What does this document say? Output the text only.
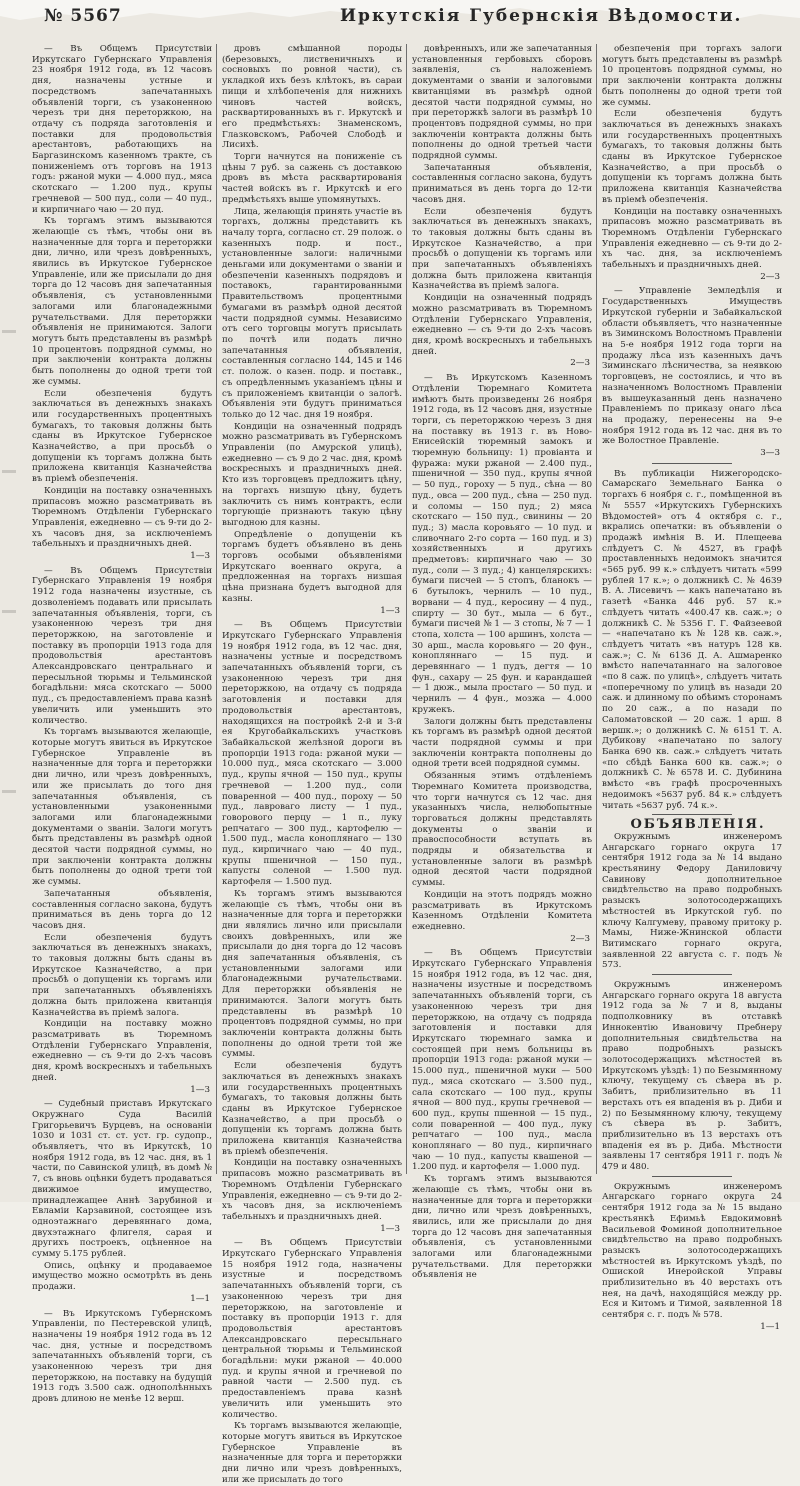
№ 5567	Иркутскія Губернскія Вѣдомости.

— Въ Общемъ Присутствіи Иркутскаго Губернскаго Управленія 23 ноября 1912 года, въ 12 часовъ дня, назначены устные и посредствомъ запечатанныхъ объявленій торги, съ узаконенною черезъ три дня переторжкою, на отдачу съ подряда заготовленія и поставки для продовольствія арестантовъ, работающихъ на Баргазинскомъ казенномъ тракте, съ пониженіемъ отъ торговъ на 1913 годъ: ржаной муки — 4.000 пуд., мяса скотскаго — 1.200 пуд., крупы гречневой — 500 пуд., соли — 40 пуд., и кирпичнаго чаю — 20 пуд.

Къ торгамъ этимъ вызываются желающіе съ тѣмъ, чтобы они въ назначенные для торга и переторжки дни, лично, или чрезъ довѣренныхъ, явились въ Иркутское Губернское Управленіе, или же присылали до дня торга до 12 часовъ дня запечатанныя объявленія, съ установленными залогами или благонадежными ручательствами. Для переторжки объявленія не принимаются. Залоги могутъ быть представлены въ размѣрѣ 10 процентовъ подрядной суммы, но при заключеніи контракта должны быть пополнены до одной трети той же суммы.

Если обезпеченія будутъ заключаться въ денежныхъ знакахъ или государственныхъ процентныхъ бумагахъ, то таковыя должны быть сданы въ Иркутское Губернское Казначейство, а при просьбѣ о допущеніи къ торгамъ должна быть приложена квитанція Казначейства въ пріемѣ обезпеченія.

Кондиціи на поставку означенныхъ припасовъ можно разсматривать въ Тюремномъ Отдѣленіи Губернскаго Управленія, ежедневно — съ 9-ти до 2-хъ часовъ дня, за исключеніемъ табельныхъ и праздничныхъ дней.

1—3

— Въ Общемъ Присутствіи Губернскаго Управленія 19 ноября 1912 года назначены изустные, съ дозволеніемъ подавать или присылать запечатанныя объявленія, торги, съ узаконенною черезъ три дня переторжкою, на заготовленіе и поставку въ пропорціи 1913 года для продовольствія арестантовъ Александровскаго центральнаго и пересыльной тюрьмы и Тельминской богадѣльни: мяса скотскаго — 5000 пуд., съ предоставленіемъ права казнѣ увеличить или уменьшить это количество.

Къ торгамъ вызываются желающіе, которые могутъ явиться въ Иркутское Губернское Управленіе въ назначенные для торга и переторжки дни лично, или чрезъ довѣренныхъ, или же присылать до того дня запечатанныя объявленія, съ установленными узаконенными залогами или благонадежными документами о званіи. Залоги могутъ быть представлены въ размѣрѣ одной десятой части подрядной суммы, но при заключеніи контракта должны быть пополнены до одной трети той же суммы.

Запечатанныя объявленія, составленныя согласно закона, будутъ приниматься въ день торга до 12 часовъ дня.

Если обезпеченія будутъ заключаться въ денежныхъ знакахъ, то таковыя должны быть сданы въ Иркутское Казначейство, а при просьбѣ о допущеніи къ торгамъ или при запечатанныхъ объявленіяхъ должна быть приложена квитанція Казначейства въ пріемѣ залога.

Кондиціи на поставку можно разсматривать въ Тюремномъ Отдѣленіи Губернскаго Управленія, ежедневно — съ 9-ти до 2-хъ часовъ дня, кромѣ воскресныхъ и табельныхъ дней.

1—3

— Судебный приставъ Иркутскаго Окружнаго Суда Василій Григорьевичъ Бурцевъ, на основаніи 1030 и 1031 ст. ст. уст. гр. судопр., объявляетъ, что въ Иркутскѣ, 10 ноября 1912 года, въ 12 час. дня, въ 1 части, по Савинской улицѣ, въ домѣ № 7, съ вновь оцѣнки будетъ продаваться движимое имущество, принадлежащее Аннѣ Зарубиной и Евламіи Карзавиной, состоящее изъ одноэтажнаго деревяннаго дома, двухэтажнаго флигеля, сарая и другихъ построекъ, оцѣненное на сумму 5.175 рублей.

Опись, оцѣнку и продаваемое имущество можно осмотрѣть въ день продажи.

1—1

— Въ Иркутскомъ Губернскомъ Управленіи, по Пестеревской улицѣ, назначены 19 ноября 1912 года въ 12 час. дня, устные и посредствомъ запечатанныхъ объявленій торги, съ узаконенною черезъ три дня переторжкою, на поставку на будущій 1913 годъ 3.500 саж. однополѣнныхъ дровъ длиною не менѣе 12 верш.

дровъ смѣшанной породы (березовыхъ, лиственичныхъ и сосновыхъ по ровной части), съ укладкой ихъ безъ клѣтокъ, въ сараи пищи и хлѣбопеченія для нижнихъ чиновъ частей войскъ, расквартированныхъ въ г. Иркутскѣ и его предмѣстьяхъ: Знаменскомъ, Глазковскомъ, Рабочей Слободѣ и Лисихѣ.

Торги начнутся на пониженіе съ цѣны 7 руб. за сажень съ доставкою дровъ въ мѣста расквартированія частей войскъ въ г. Иркутскѣ и его предмѣстьяхъ выше упомянутыхъ.

Лица, желающія принять участіе въ торгахъ, должны представить къ началу торга, согласно ст. 29 полож. о казенныхъ подр. и пост., установленные залоги: наличными деньгами или документами о званіи и обезпеченіи казенныхъ подрядовъ и поставокъ, гарантированными Правительствомъ процентными бумагами въ размѣрѣ одной десятой части подрядной суммы. Независимо отъ сего торговцы могутъ присылать по почтѣ или подать лично запечатанныя объявленія, составленныя согласно 144, 145 и 146 ст. полож. о казен. подр. и поставк., съ опредѣленнымъ указаніемъ цѣны и съ приложеніемъ квитанціи о залогѣ. Объявленія эти будутъ приниматься только до 12 час. дня 19 ноября.

Кондиціи на означенный подрядъ можно разсматривать въ Губернскомъ Управленіи (по Амурской улицѣ), ежедневно — съ 9 до 2 час. дня, кромѣ воскресныхъ и праздничныхъ дней. Кто изъ торговцевъ предложитъ цѣну, на торгахъ низшую цѣну, будетъ заключить съ нимъ контрактъ, если торгующіе признаютъ такую цѣну выгодною для казны.

Опредѣленіе о допущеніи къ торгамъ будетъ объявлено въ день торговъ особыми объявленіями Иркутскаго военнаго округа, а предложенная на торгахъ низшая цѣна признана будетъ выгодной для казны.

1—3

— Въ Общемъ Присутствіи Иркутскаго Губернскаго Управленія 19 ноября 1912 года, въ 12 час. дня, назначены устные и посредствомъ запечатанныхъ объявленій торги, съ узаконенною черезъ три дня переторжкою, на отдачу съ подряда заготовленія и поставки для продовольствія арестантовъ, находящихся на постройкѣ 2-й и 3-й ея Кругобайкальскихъ участковъ Забайкальской желѣзной дороги въ пропорціи 1913 года: ржаной муки — 10.000 пуд., мяса скотскаго — 3.000 пуд., крупы ячной — 150 пуд., крупы гречневой — 1.200 пуд., соли поваренной — 400 пуд., пороху — 50 пуд., лавроваго листу — 1 пуд., говорового перцу — 1 п., луку репчатаго — 300 пуд., картофелю — 1.500 пуд., масла коноплянаго — 130 пуд., кирпичнаго чаю — 40 пуд., крупы пшеничной — 150 пуд., капусты соленой — 1.500 пуд. картофеля — 1.500 пуд.

Къ торгамъ этимъ вызываются желающіе съ тѣмъ, чтобы они въ назначенные для торга и переторжки дни являлись лично или присылали своихъ довѣренныхъ, или же присылали до дня торга до 12 часовъ дня запечатанныя объявленія, съ установленными залогами или благонадежными ручательствами. Для переторжки объявленія не принимаются. Залоги могутъ быть представлены въ размѣрѣ 10 процентовъ подрядной суммы, но при заключеніи контракта должны быть пополнены до одной трети той же суммы.

Если обезпеченія будутъ заключаться въ денежныхъ знакахъ или государственныхъ процентныхъ бумагахъ, то таковыя должны быть сданы въ Иркутское Губернское Казначейство, а при просьбѣ о допущеніи къ торгамъ должна быть приложена квитанція Казначейства въ пріемѣ обезпеченія.

Кондиціи на поставку означенныхъ припасовъ можно разсматривать въ Тюремномъ Отдѣленіи Губернскаго Управленія, ежедневно — съ 9-ти до 2-хъ часовъ дня, за исключеніемъ табельныхъ и праздничныхъ дней.

1—3

— Въ Общемъ Присутствіи Иркутскаго Губернскаго Управленія 15 ноября 1912 года, назначены изустные и посредствомъ запечатанныхъ объявленій торги, съ узаконенною черезъ три дня переторжкою, на заготовленіе и поставку въ пропорціи 1913 г. для продовольствія арестантовъ Александровскаго пересыльнаго центральной тюрьмы и Тельминской богадѣльни: муки ржаной — 40.000 пуд. и крупы ячной и гречневой по равной части — 2.500 пуд. съ предоставленіемъ права казнѣ увеличить или уменьшить это количество.

Къ торгамъ вызываются желающіе, которые могутъ явиться въ Иркутское Губернское Управленіе въ назначенные для торга и переторжки дни лично или чрезъ довѣренныхъ, или же присылать до того

довѣренныхъ, или же запечатанныя установленныя гербовыхъ сборовъ заявленія, съ наложеніемъ документами о званіи и залоговыми квитанціями въ размѣрѣ одной десятой части подрядной суммы, но при переторжкѣ залоги въ размѣрѣ 10 процентовъ подрядной суммы, но при заключеніи контракта должны быть пополнены до одной третьей части подрядной суммы.

Запечатанныя объявленія, составленныя согласно закона, будутъ приниматься въ день торга до 12-ти часовъ дня.

Если обезпеченія будутъ заключаться въ денежныхъ знакахъ, то таковыя должны быть сданы въ Иркутское Казначейство, а при просьбѣ о допущеніи къ торгамъ или при запечатанныхъ объявленіяхъ должна быть приложена квитанція Казначейства въ пріемѣ залога.

Кондиціи на означенный подрядъ можно разсматривать въ Тюремномъ Отдѣленіи Губернскаго Управленія, ежедневно — съ 9-ти до 2-хъ часовъ дня, кромѣ воскресныхъ и табельныхъ дней.

2—3

— Въ Иркутскомъ Казенномъ Отдѣленіи Тюремнаго Комитета имѣютъ быть произведены 26 ноября 1912 года, въ 12 часовъ дня, изустные торги, съ переторжкою черезъ 3 дня на поставку въ 1913 г. въ Ново-Енисейскій тюремный замокъ и тюремную больницу: 1) провіанта и фуража: муки ржаной — 2.400 пуд., пшеничной — 350 пуд., крупы ячной — 50 пуд., гороху — 5 пуд., сѣна — 80 пуд., овса — 200 пуд., сѣна — 250 пуд. и соломы — 150 пуд.; 2) мяса скотскаго — 150 пуд., свинины — 20 пуд.; 3) масла коровьяго — 10 пуд. и сливочнаго 2-го сорта — 160 пуд. и 3) хозяйственныхъ и другихъ предметовъ: кирпичнаго чаю — 30 пуд., соли — 3 пуд.; 4) канцелярскихъ: бумаги писчей — 5 стопъ, бланокъ — 6 бутылокъ, чернилъ — 10 пуд., ворвани — 4 пуд., керосину — 4 пуд., спирту — 30 бут., мыла — 6 бут., бумаги писчей № 1 — 3 стопы, № 7 — 1 стопа, холста — 100 аршинъ, холста — 30 арш., масла коровьяго — 20 фун., конопляннаго — 15 пуд. и деревяннаго — 1 пудъ, дегтя — 10 фун., сахару — 25 фун. и карандашей — 1 дюж., мыла простаго — 50 пуд. и чернилъ — 4 фун., мозжа — 4.000 кружекъ.

Залоги должны быть представлены къ торгамъ въ размѣрѣ одной десятой части подрядной суммы и при заключеніи контракта пополнены до одной трети всей подрядной суммы.

Обязанныя этимъ отдѣленіемъ Тюремнаго Комитета производства, что торги начнутся съ 12 час. дня указанныхъ числа, нелюбопытные торговаться должны представлять документы о званіи и правоспособности вступать въ подряды и обязательства и установленные залоги въ размѣрѣ одной десятой части подрядной суммы.

Кондиціи на этотъ подрядъ можно разсматривать въ Иркутскомъ Казенномъ Отдѣленіи Комитета ежедневно.

2—3

— Въ Общемъ Присутствіи Иркутскаго Губернскаго Управленія 15 ноября 1912 года, въ 12 час. дня, назначены изустные и посредствомъ запечатанныхъ объявленій торги, съ узаконенною черезъ три дня переторжкою, на отдачу съ подряда заготовленія и поставки для Иркутскаго тюремнаго замка и состоящей при немъ больницы въ пропорціи 1913 года: ржаной муки — 15.000 пуд., пшеничной муки — 500 пуд., мяса скотскаго — 3.500 пуд., сала скотскаго — 100 пуд., крупы ячной — 800 пуд., крупы гречневой — 600 пуд., крупы пшенной — 15 пуд., соли поваренной — 400 пуд., луку репчатаго — 100 пуд., масла коноплянаго — 80 пуд., кирпичнаго чаю — 10 пуд., капусты квашеной — 1.200 пуд. и картофеля — 1.000 пуд.

Къ торгамъ этимъ вызываются желающіе съ тѣмъ, чтобы они въ назначенные для торга и переторжки дни, лично или чрезъ довѣренныхъ, явились, или же присылали до дня торга до 12 часовъ дня запечатанныя объявленія, съ установленными залогами или благонадежными ручательствами. Для переторжки объявленія не

обезпеченія при торгахъ залоги могутъ быть представлены въ размѣрѣ 10 процентовъ подрядной суммы, но при заключеніи контракта должны быть пополнены до одной трети той же суммы.

Если обезпеченія будутъ заключаться въ денежныхъ знакахъ или государственныхъ процентныхъ бумагахъ, то таковыя должны быть сданы въ Иркутское Губернское Казначейство, а при просьбѣ о допущеніи къ торгамъ должна быть приложена квитанція Казначейства въ пріемѣ обезпеченія.

Кондиціи на поставку означенныхъ припасовъ можно разсматривать въ Тюремномъ Отдѣленіи Губернскаго Управленія ежедневно — съ 9-ти до 2-хъ час. дня, за исключеніемъ табельныхъ и праздничныхъ дней.

2—3

— Управленіе Земледѣлія и Государственныхъ Имуществъ Иркутской губерніи и Забайкальской области объявляетъ, что назначенные въ Зиминскомъ Волостномъ Правленіи на 5-е ноября 1912 года торги на продажу лѣса изъ казенныхъ дачъ Зиминскаго лѣсничества, за неявкою торговцевъ, не состоялись, и что въ назначенномъ Волостномъ Правленіи въ вышеуказанный день назначено Правленіемъ по приказу онаго лѣса на продажу, перенесены на 9-е ноября 1912 года въ 12 час. дня въ то же Волостное Правленіе.

3—3

Въ публикаціи Нижегородско-Самарскаго Земельнаго Банка о торгахъ 6 ноября с. г., помѣщенной въ № 5557 «Иркутскихъ Губернскихъ Вѣдомостей» отъ 4 октября с. г., вкрались опечатки: въ объявленіи о продажѣ имѣнія В. И. Плещеева слѣдуетъ С. № 4527, въ графѣ проставленныхъ недоимокъ значится «565 руб. 99 к.» слѣдуетъ читать «599 рублей 17 к.»; о должникѣ С. № 4639 В. А. Лисевичъ — какъ напечатано въ газетѣ «Банка 446 руб. 57 к.» слѣдуетъ читать «400.47 кв. саж.»; о должникѣ С. № 5356 Г. Г. Файзеевой — «напечатано къ № 128 кв. саж.», слѣдуетъ читать «въ натуръ 128 кв. саж.»; С. № 6136 Д. А. Ашмаренко вмѣсто напечатаннаго на залоговое «по 8 саж. по улицѣ», слѣдуетъ читать «поперечному по улицѣ въ назади 20 саж. и длинному по обѣимъ сторонамъ по 20 саж., а по назади по Саломатовской — 20 саж. 1 арш. 8 вершк.»; о должникѣ С. № 6151 Т. А. Дубикову «напечатано по залогу Банка 690 кв. саж.» слѣдуетъ читать «по сбѣдѣ Банка 600 кв. саж.»; о должникѣ С. № 6578 И. С. Дубинина вмѣсто «въ графѣ просроченныхъ недоимокъ «5637 руб. 84 к.» слѣдуетъ читать «5637 руб. 74 к.».

ОБЪЯВЛЕНІЯ.

Окружнымъ инженеромъ Ангарскаго горнаго округа 17 сентября 1912 года за № 14 выдано крестьянину Федору Даниловичу Савинову дополнительное свидѣтельство на право подробныхъ разыскъ золотосодержащихъ мѣстностей въ Иркутской губ. по ключу Калгумеву, правому притоку р. Мамы, Ниже-Жнинской области Витимскаго горнаго округа, заявленной 22 августа с. г. подъ № 573.

Окружнымъ инженеромъ Ангарскаго горнаго округа 18 августа 1912 года за № 7 и 8, выданы подполковнику въ отставкѣ Иннокентію Ивановичу Пребнеру дополнительныя свидѣтельства на право подробныхъ разыскъ золотосодержащихъ мѣстностей въ Иркутскомъ уѣздѣ: 1) по Безымянному ключу, текущему съ сѣвера въ р. Забитъ, приблизительно въ 11 верстахъ отъ ея впаденія въ р. Диби и 2) по Безымянному ключу, текущему съ сѣвера въ р. Забитъ, приблизительно въ 13 верстахъ отъ впаденія ея въ р. Диба. Мѣстности заявлены 17 сентября 1911 г. подъ № 479 и 480.

Окружнымъ инженеромъ Ангарскаго горнаго округа 24 сентября 1912 года за № 15 выдано крестьянкѣ Ефимьѣ Евдокимовнѣ Васильевой Фоминой дополнительное свидѣтельство на право подробныхъ разыскъ золотосодержащихъ мѣстностей въ Иркутскомъ уѣздѣ, по Ошиской Инеройской Управы приблизительно въ 40 верстахъ отъ нея, на дачѣ, находящійся между рр. Еся и Китомъ и Тимой, заявленной 18 сентября с. г. подъ № 578.

1—1
